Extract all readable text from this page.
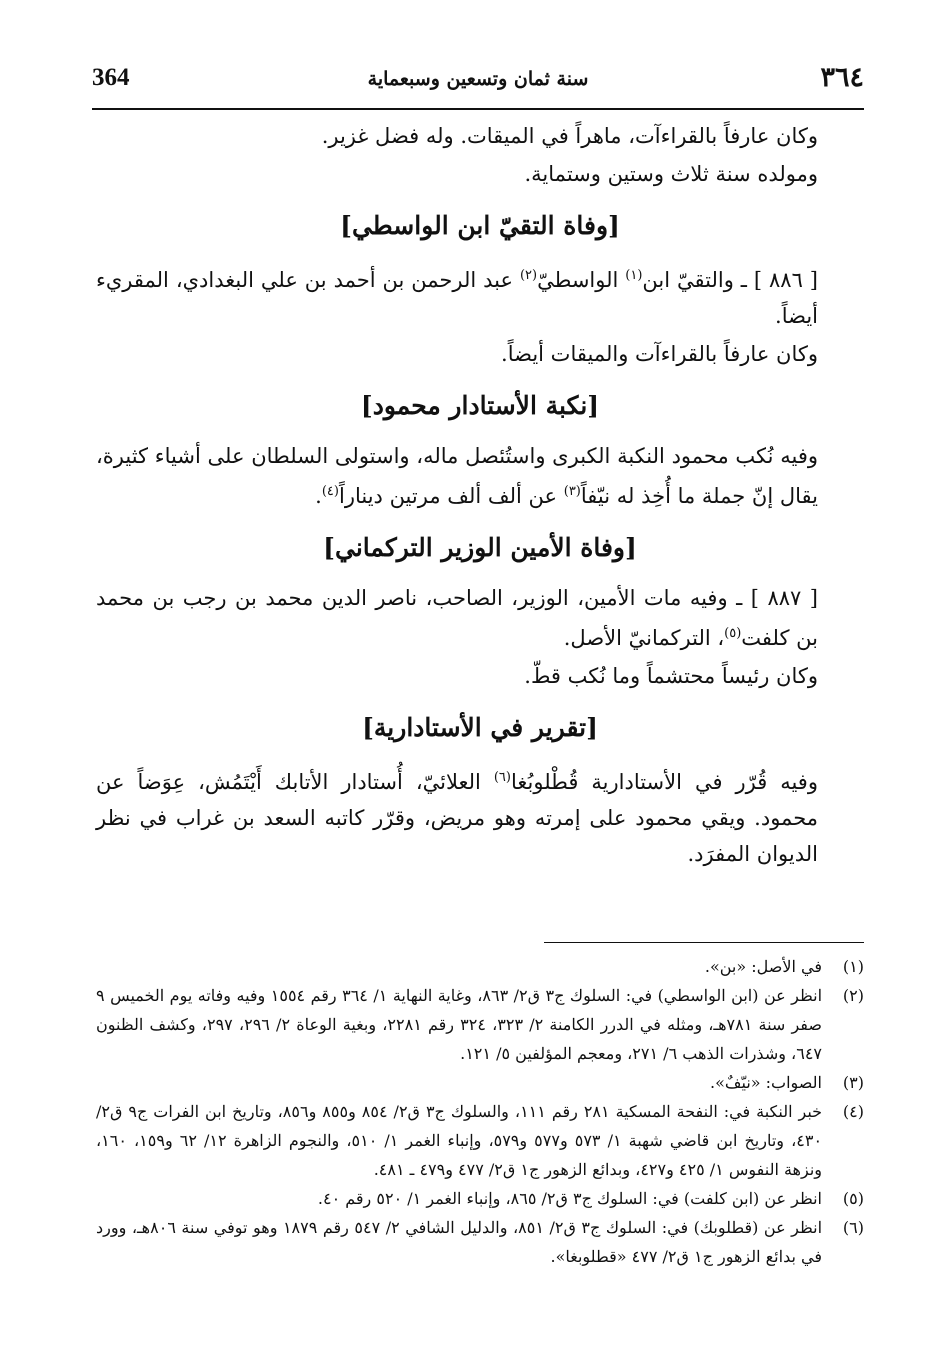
364	سنة ثمان وتسعين وسبعماية	٣٦٤

وكان عارفاً بالقراءآت، ماهراً في الميقات. وله فضل غزير.

ومولده سنة ثلاث وستين وستماية.

[وفاة التقيّ ابن الواسطي]

[ ٨٨٦ ] ـ والتقيّ ابن$^{(١)}$ الواسطيّ$^{(٢)}$ عبد الرحمن بن أحمد بن علي البغدادي، المقريء أيضاً.

وكان عارفاً بالقراءآت والميقات أيضاً.

[نكبة الأستادار محمود]

وفيه نُكب محمود النكبة الكبرى واستُئصل ماله، واستولى السلطان على أشياء كثيرة، يقال إنّ جملة ما أُخِذ له نيّفاً$^{(٣)}$ عن ألف ألف مرتين ديناراً$^{(٤)}$.

[وفاة الأمين الوزير التركماني]

[ ٨٨٧ ] ـ وفيه مات الأمين، الوزير، الصاحب، ناصر الدين محمد بن رجب بن محمد بن كلفت$^{(٥)}$، التركمانيّ الأصل.

وكان رئيساً محتشماً وما نُكب قطّ.

[تقرير في الأستادارية]

وفيه قُرّر في الأستادارية قُطْلوبُغا$^{(٦)}$ العلائيّ، أُستادار الأتابك أَيْتَمُش، عِوَضاً عن محمود. ويقي محمود على إمرته وهو مريض، وقرّر كاتبه السعد بن غراب في نظر الديوان المفرَد.

(١)
في الأصل: «بن».
(٢)
انظر عن (ابن الواسطي) في: السلوك ج٣ ق٢/ ٨٦٣، وغاية النهاية ١/ ٣٦٤ رقم ١٥٥٤ وفيه وفاته يوم الخميس ٩ صفر سنة ٧٨١هـ، ومثله في الدرر الكامنة ٢/ ٣٢٣، ٣٢٤ رقم ٢٢٨١، وبغية الوعاة ٢/ ٢٩٦، ٢٩٧، وكشف الظنون ٦٤٧، وشذرات الذهب ٦/ ٢٧١، ومعجم المؤلفين ٥/ ١٢١.
(٣)
الصواب: «نيّفٌ».
(٤)
خبر النكبة في: النفحة المسكية ٢٨١ رقم ١١١، والسلوك ج٣ ق٢/ ٨٥٤ و٨٥٥ و٨٥٦، وتاريخ ابن الفرات ج٩ ق٢/ ٤٣٠، وتاريخ ابن قاضي شهبة ١/ ٥٧٣ و٥٧٧ و٥٧٩، وإنباء الغمر ١/ ٥١٠، والنجوم الزاهرة ١٢/ ٦٢ و١٥٩، ١٦٠، ونزهة النفوس ١/ ٤٢٥ و٤٢٧، وبدائع الزهور ج١ ق٢/ ٤٧٧ و٤٧٩ ـ ٤٨١.
(٥)
انظر عن (ابن كلفت) في: السلوك ج٣ ق٢/ ٨٦٥، وإنباء الغمر ١/ ٥٢٠ رقم ٤٠.
(٦)
انظر عن (قطلوبك) في: السلوك ج٣ ق٢/ ٨٥١، والدليل الشافي ٢/ ٥٤٧ رقم ١٨٧٩ وهو توفي سنة ٨٠٦هـ، وورد في بدائع الزهور ج١ ق٢/ ٤٧٧ «قطلوبغا».
